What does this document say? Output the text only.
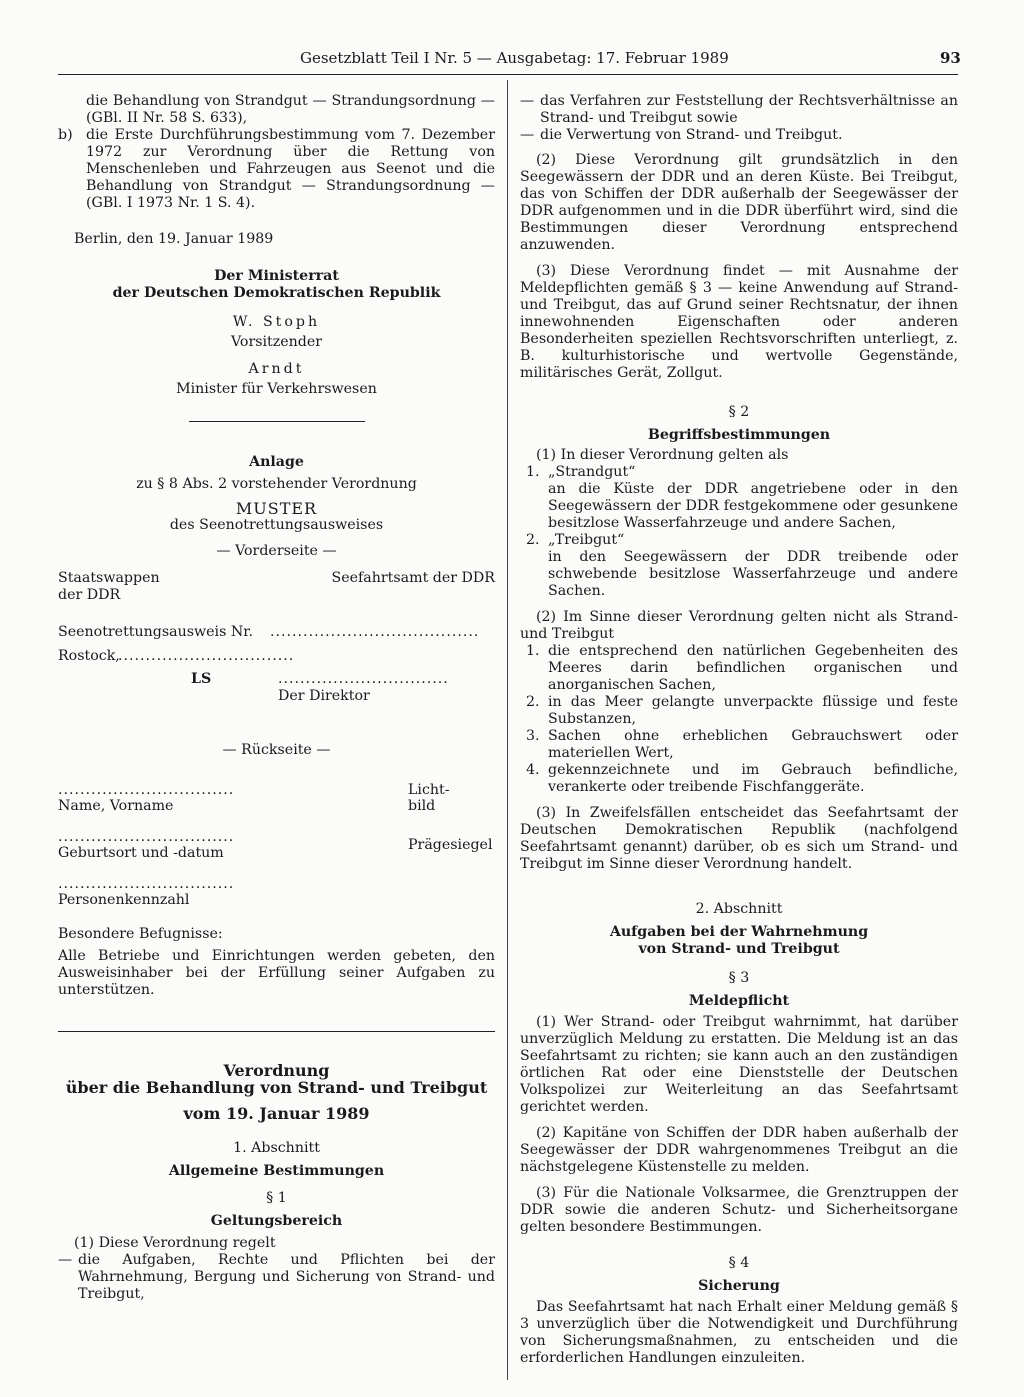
Gesetzblatt Teil I Nr. 5 — Ausgabetag: 17. Februar 1989	93

die Behandlung von Strandgut — Strandungsordnung — (GBl. II Nr. 58 S. 633),

b) die Erste Durchführungsbestimmung vom 7. Dezember 1972 zur Verordnung über die Rettung von Menschenleben und Fahrzeugen aus Seenot und die Behandlung von Strandgut — Strandungsordnung — (GBl. I 1973 Nr. 1 S. 4).

Berlin, den 19. Januar 1989

Der Ministerrat
der Deutschen Demokratischen Republik
W. Stoph
Vorsitzender
Arndt
Minister für Verkehrswesen
Anlage
zu § 8 Abs. 2 vorstehender Verordnung
MUSTER
des Seenotrettungsausweises
— Vorderseite —
Staatswappen
der DDR
Seefahrtsamt der DDR
Seenotrettungsausweis Nr. ......................................
Rostock,
................................
LS	...............................
Der Direktor
— Rückseite —
................................
Name, Vorname
Licht-
bild
................................
Geburtsort und -datum	Prägesiegel
................................
Personenkennzahl

Besondere Befugnisse:

Alle Betriebe und Einrichtungen werden gebeten, den Ausweisinhaber bei der Erfüllung seiner Aufgaben zu unterstützen.

Verordnung
über die Behandlung von Strand- und Treibgut
vom 19. Januar 1989
1. Abschnitt
Allgemeine Bestimmungen
§ 1
Geltungsbereich

(1) Diese Verordnung regelt

— die Aufgaben, Rechte und Pflichten bei der Wahrnehmung, Bergung und Sicherung von Strand- und Treibgut,

— das Verfahren zur Feststellung der Rechtsverhältnisse an Strand- und Treibgut sowie

— die Verwertung von Strand- und Treibgut.

(2) Diese Verordnung gilt grundsätzlich in den Seegewässern der DDR und an deren Küste. Bei Treibgut, das von Schiffen der DDR außerhalb der Seegewässer der DDR aufgenommen und in die DDR überführt wird, sind die Bestimmungen dieser Verordnung entsprechend anzuwenden.

(3) Diese Verordnung findet — mit Ausnahme der Meldepflichten gemäß § 3 — keine Anwendung auf Strand- und Treibgut, das auf Grund seiner Rechtsnatur, der ihnen innewohnenden Eigenschaften oder anderen Besonderheiten speziellen Rechtsvorschriften unterliegt, z. B. kulturhistorische und wertvolle Gegenstände, militärisches Gerät, Zollgut.

§ 2
Begriffsbestimmungen

(1) In dieser Verordnung gelten als

1. „Strandgut“

an die Küste der DDR angetriebene oder in den Seegewässern der DDR festgekommene oder gesunkene besitzlose Wasserfahrzeuge und andere Sachen,

2. „Treibgut“

in den Seegewässern der DDR treibende oder schwebende besitzlose Wasserfahrzeuge und andere Sachen.

(2) Im Sinne dieser Verordnung gelten nicht als Strand- und Treibgut

1. die entsprechend den natürlichen Gegebenheiten des Meeres darin befindlichen organischen und anorganischen Sachen,

2. in das Meer gelangte unverpackte flüssige und feste Substanzen,

3. Sachen ohne erheblichen Gebrauchswert oder materiellen Wert,

4. gekennzeichnete und im Gebrauch befindliche, verankerte oder treibende Fischfanggeräte.

(3) In Zweifelsfällen entscheidet das Seefahrtsamt der Deutschen Demokratischen Republik (nachfolgend Seefahrtsamt genannt) darüber, ob es sich um Strand- und Treibgut im Sinne dieser Verordnung handelt.

2. Abschnitt
Aufgaben bei der Wahrnehmung
von Strand- und Treibgut
§ 3
Meldepflicht

(1) Wer Strand- oder Treibgut wahrnimmt, hat darüber unverzüglich Meldung zu erstatten. Die Meldung ist an das Seefahrtsamt zu richten; sie kann auch an den zuständigen örtlichen Rat oder eine Dienststelle der Deutschen Volkspolizei zur Weiterleitung an das Seefahrtsamt gerichtet werden.

(2) Kapitäne von Schiffen der DDR haben außerhalb der Seegewässer der DDR wahrgenommenes Treibgut an die nächstgelegene Küstenstelle zu melden.

(3) Für die Nationale Volksarmee, die Grenztruppen der DDR sowie die anderen Schutz- und Sicherheitsorgane gelten besondere Bestimmungen.

§ 4
Sicherung

Das Seefahrtsamt hat nach Erhalt einer Meldung gemäß § 3 unverzüglich über die Notwendigkeit und Durchführung von Sicherungsmaßnahmen, zu entscheiden und die erforderlichen Handlungen einzuleiten.
